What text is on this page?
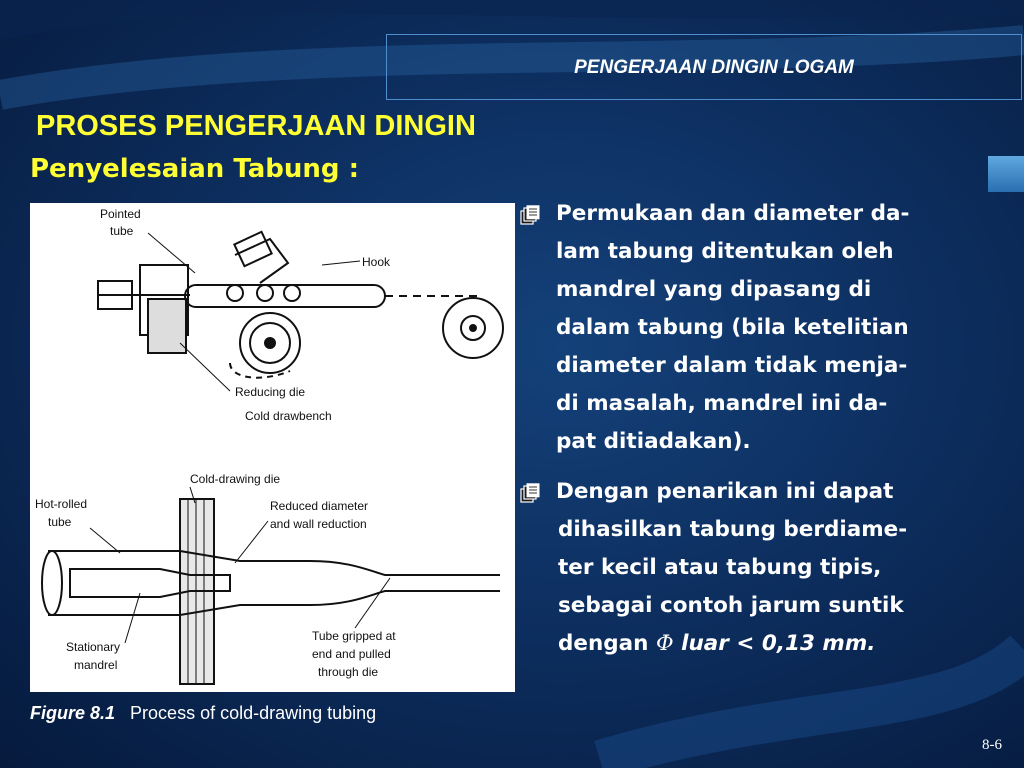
PENGERJAAN DINGIN LOGAM
PROSES PENGERJAAN DINGIN
Penyelesaian Tabung :
Pointed
tube
Hook
Reducing die
Cold drawbench
Cold-drawing die
Hot-rolled
tube
Reduced diameter
and wall reduction
Stationary
mandrel
Tube gripped at
end and pulled
through die
Figure 8.1 Process of cold-drawing tubing
Permukaan dan diameter da-
lam tabung ditentukan oleh
mandrel yang dipasang di
dalam tabung (bila ketelitian
diameter dalam tidak menja-
di masalah, mandrel ini da-
pat ditiadakan).
Dengan penarikan ini dapat
dihasilkan tabung berdiame-
ter kecil atau tabung tipis,
sebagai contoh jarum suntik
dengan Φ luar < 0,13 mm.
8-6
